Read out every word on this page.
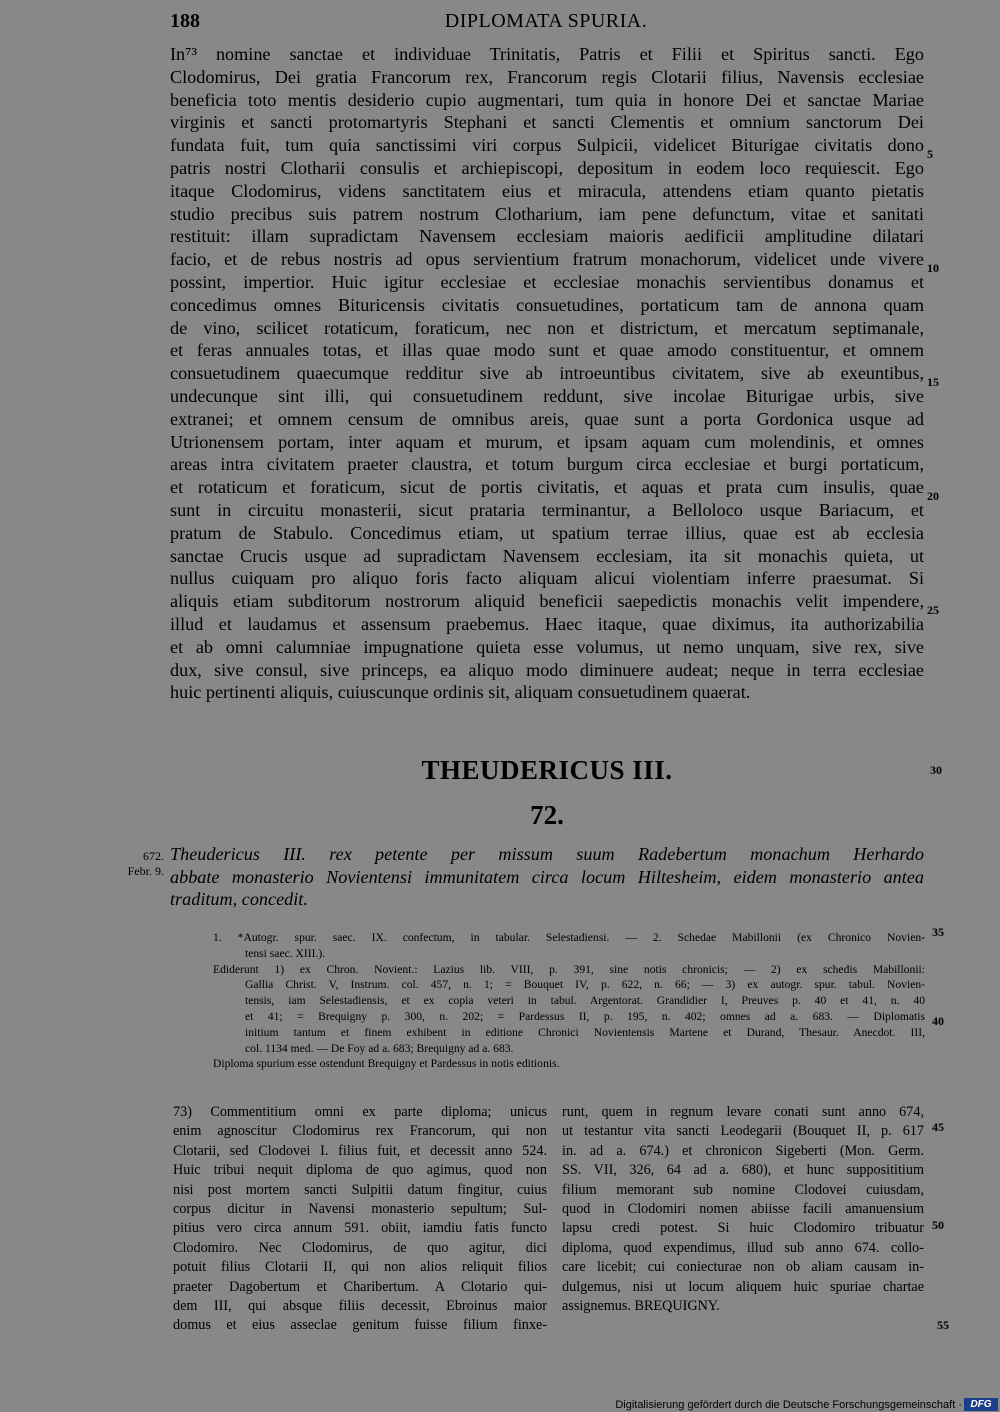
188	DIPLOMATA SPURIA.
In⁷³ nomine sanctae et individuae Trinitatis, Patris et Filii et Spiritus sancti. Ego
Clodomirus, Dei gratia Francorum rex, Francorum regis Clotarii filius, Navensis ecclesiae
beneficia toto mentis desiderio cupio augmentari, tum quia in honore Dei et sanctae Mariae
virginis et sancti protomartyris Stephani et sancti Clementis et omnium sanctorum Dei
fundata fuit, tum quia sanctissimi viri corpus Sulpicii, videlicet Biturigae civitatis dono
patris nostri Clotharii consulis et archiepiscopi, depositum in eodem loco requiescit. Ego
itaque Clodomirus, videns sanctitatem eius et miracula, attendens etiam quanto pietatis
studio precibus suis patrem nostrum Clotharium, iam pene defunctum, vitae et sanitati
restituit: illam supradictam Navensem ecclesiam maioris aedificii amplitudine dilatari
facio, et de rebus nostris ad opus servientium fratrum monachorum, videlicet unde vivere
possint, impertior. Huic igitur ecclesiae et ecclesiae monachis servientibus donamus et
concedimus omnes Bituricensis civitatis consuetudines, portaticum tam de annona quam
de vino, scilicet rotaticum, foraticum, nec non et districtum, et mercatum septimanale,
et feras annuales totas, et illas quae modo sunt et quae amodo constituentur, et omnem
consuetudinem quaecumque redditur sive ab introeuntibus civitatem, sive ab exeuntibus,
undecunque sint illi, qui consuetudinem reddunt, sive incolae Biturigae urbis, sive
extranei; et omnem censum de omnibus areis, quae sunt a porta Gordonica usque ad
Utrionensem portam, inter aquam et murum, et ipsam aquam cum molendinis, et omnes
areas intra civitatem praeter claustra, et totum burgum circa ecclesiae et burgi portaticum,
et rotaticum et foraticum, sicut de portis civitatis, et aquas et prata cum insulis, quae
sunt in circuitu monasterii, sicut prataria terminantur, a Belloloco usque Bariacum, et
pratum de Stabulo. Concedimus etiam, ut spatium terrae illius, quae est ab ecclesia
sanctae Crucis usque ad supradictam Navensem ecclesiam, ita sit monachis quieta, ut
nullus cuiquam pro aliquo foris facto aliquam alicui violentiam inferre praesumat. Si
aliquis etiam subditorum nostrorum aliquid beneficii saepedictis monachis velit impendere,
illud et laudamus et assensum praebemus. Haec itaque, quae diximus, ita authorizabilia
et ab omni calumniae impugnatione quieta esse volumus, ut nemo unquam, sive rex, sive
dux, sive consul, sive princeps, ea aliquo modo diminuere audeat; neque in terra ecclesiae
huic pertinenti aliquis, cuiuscunque ordinis sit, aliquam consuetudinem quaerat.
5
10
15
20
25
30
35
40
45
50
55
THEUDERICUS III.
72.
672.
Febr. 9.
Theudericus III. rex petente per missum suum Radebertum monachum Herhardo
abbate monasterio Novientensi immunitatem circa locum Hiltesheim, eidem monasterio antea
traditum, concedit.
1. *Autogr. spur. saec. IX. confectum, in tabular. Selestadiensi. — 2. Schedae Mabillonii (ex Chronico Novien-
tensi saec. XIII.).
Ediderunt 1) ex Chron. Novient.: Lazius lib. VIII, p. 391, sine notis chronicis; — 2) ex schedis Mabillonii:
Gallia Christ. V, Instrum. col. 457, n. 1; = Bouquet IV, p. 622, n. 66; — 3) ex autogr. spur. tabul. Novien-
tensis, iam Selestadiensis, et ex copia veteri in tabul. Argentorat. Grandidier I, Preuves p. 40 et 41, n. 40
et 41; = Brequigny p. 300, n. 202; = Pardessus II, p. 195, n. 402; omnes ad a. 683. — Diplomatis
initium tantum et finem exhibent in editione Chronici Novientensis Martene et Durand, Thesaur. Anecdot. III,
col. 1134 med. — De Foy ad a. 683; Brequigny ad a. 683.
Diploma spurium esse ostendunt Brequigny et Pardessus in notis editionis.
73) Commentitium omni ex parte diploma; unicus
enim agnoscitur Clodomirus rex Francorum, qui non
Clotarii, sed Clodovei I. filius fuit, et decessit anno 524.
Huic tribui nequit diploma de quo agimus, quod non
nisi post mortem sancti Sulpitii datum fingitur, cuius
corpus dicitur in Navensi monasterio sepultum; Sul-
pitius vero circa annum 591. obiit, iamdiu fatis functo
Clodomiro. Nec Clodomirus, de quo agitur, dici
potuit filius Clotarii II, qui non alios reliquit filios
praeter Dagobertum et Charibertum. A Clotario qui-
dem III, qui absque filiis decessit, Ebroinus maior
domus et eius asseclae genitum fuisse filium finxe-
runt, quem in regnum levare conati sunt anno 674,
ut testantur vita sancti Leodegarii (Bouquet II, p. 617
in. ad a. 674.) et chronicon Sigeberti (Mon. Germ.
SS. VII, 326, 64 ad a. 680), et hunc supposititium
filium memorant sub nomine Clodovei cuiusdam,
quod in Clodomiri nomen abiisse facili amanuensium
lapsu credi potest. Si huic Clodomiro tribuatur
diploma, quod expendimus, illud sub anno 674. collo-
care licebit; cui coniecturae non ob aliam causam in-
dulgemus, nisi ut locum aliquem huic spuriae chartae
assignemus. BREQUIGNY.
Digitalisierung gefördert durch die Deutsche Forschungsgemeinschaft · DFG
